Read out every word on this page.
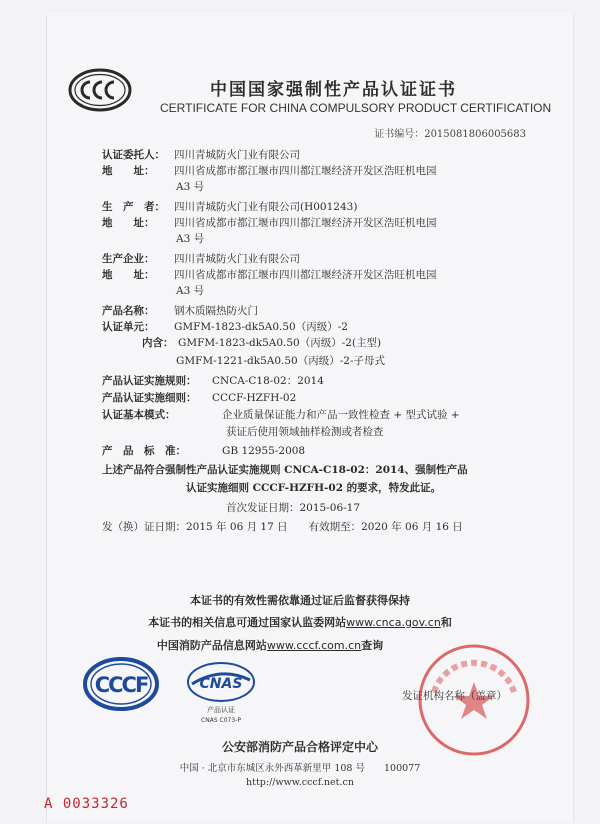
中国国家强制性产品认证证书
CERTIFICATE FOR CHINA COMPULSORY PRODUCT CERTIFICATION
证书编号：2015081806005683
认证委托人： 四川青城防火门业有限公司
地　　址： 四川省成都市都江堰市四川都江堰经济开发区浩旺机电园
A3 号
生　产　者： 四川青城防火门业有限公司(H001243)
地　　址： 四川省成都市都江堰市四川都江堰经济开发区浩旺机电园
A3 号
生产企业： 四川青城防火门业有限公司
地　　址： 四川省成都市都江堰市四川都江堰经济开发区浩旺机电园
A3 号
产品名称： 钢木质隔热防火门
认证单元： GMFM-1823-dk5A0.50（丙级）-2
内含： GMFM-1823-dk5A0.50（丙级）-2(主型)
GMFM-1221-dk5A0.50（丙级）-2-子母式
产品认证实施规则： CNCA-C18-02：2014
产品认证实施细则： CCCF-HZFH-02
认证基本模式：	企业质量保证能力和产品一致性检查 + 型式试验 +
获证后使用领域抽样检测或者检查
产　品　标　准：	GB 12955-2008
上述产品符合强制性产品认证实施规则 CNCA-C18-02：2014、强制性产品
认证实施细则 CCCF-HZFH-02 的要求，特发此证。
首次发证日期：2015-06-17
发（换）证日期：2015 年 06 月 17 日　　有效期至：2020 年 06 月 16 日
本证书的有效性需依靠通过证后监督获得保持
本证书的相关信息可通过国家认监委网站www.cnca.gov.cn和
中国消防产品信息网站www.cccf.com.cn查询
CCCF	CNAS
产品认证
CNAS C073-P
发证机构名称（盖章）
公安部消防产品合格评定中心
中国 · 北京市东城区永外西革新里甲 108 号　　100077
http://www.cccf.net.cn
A 0033326
